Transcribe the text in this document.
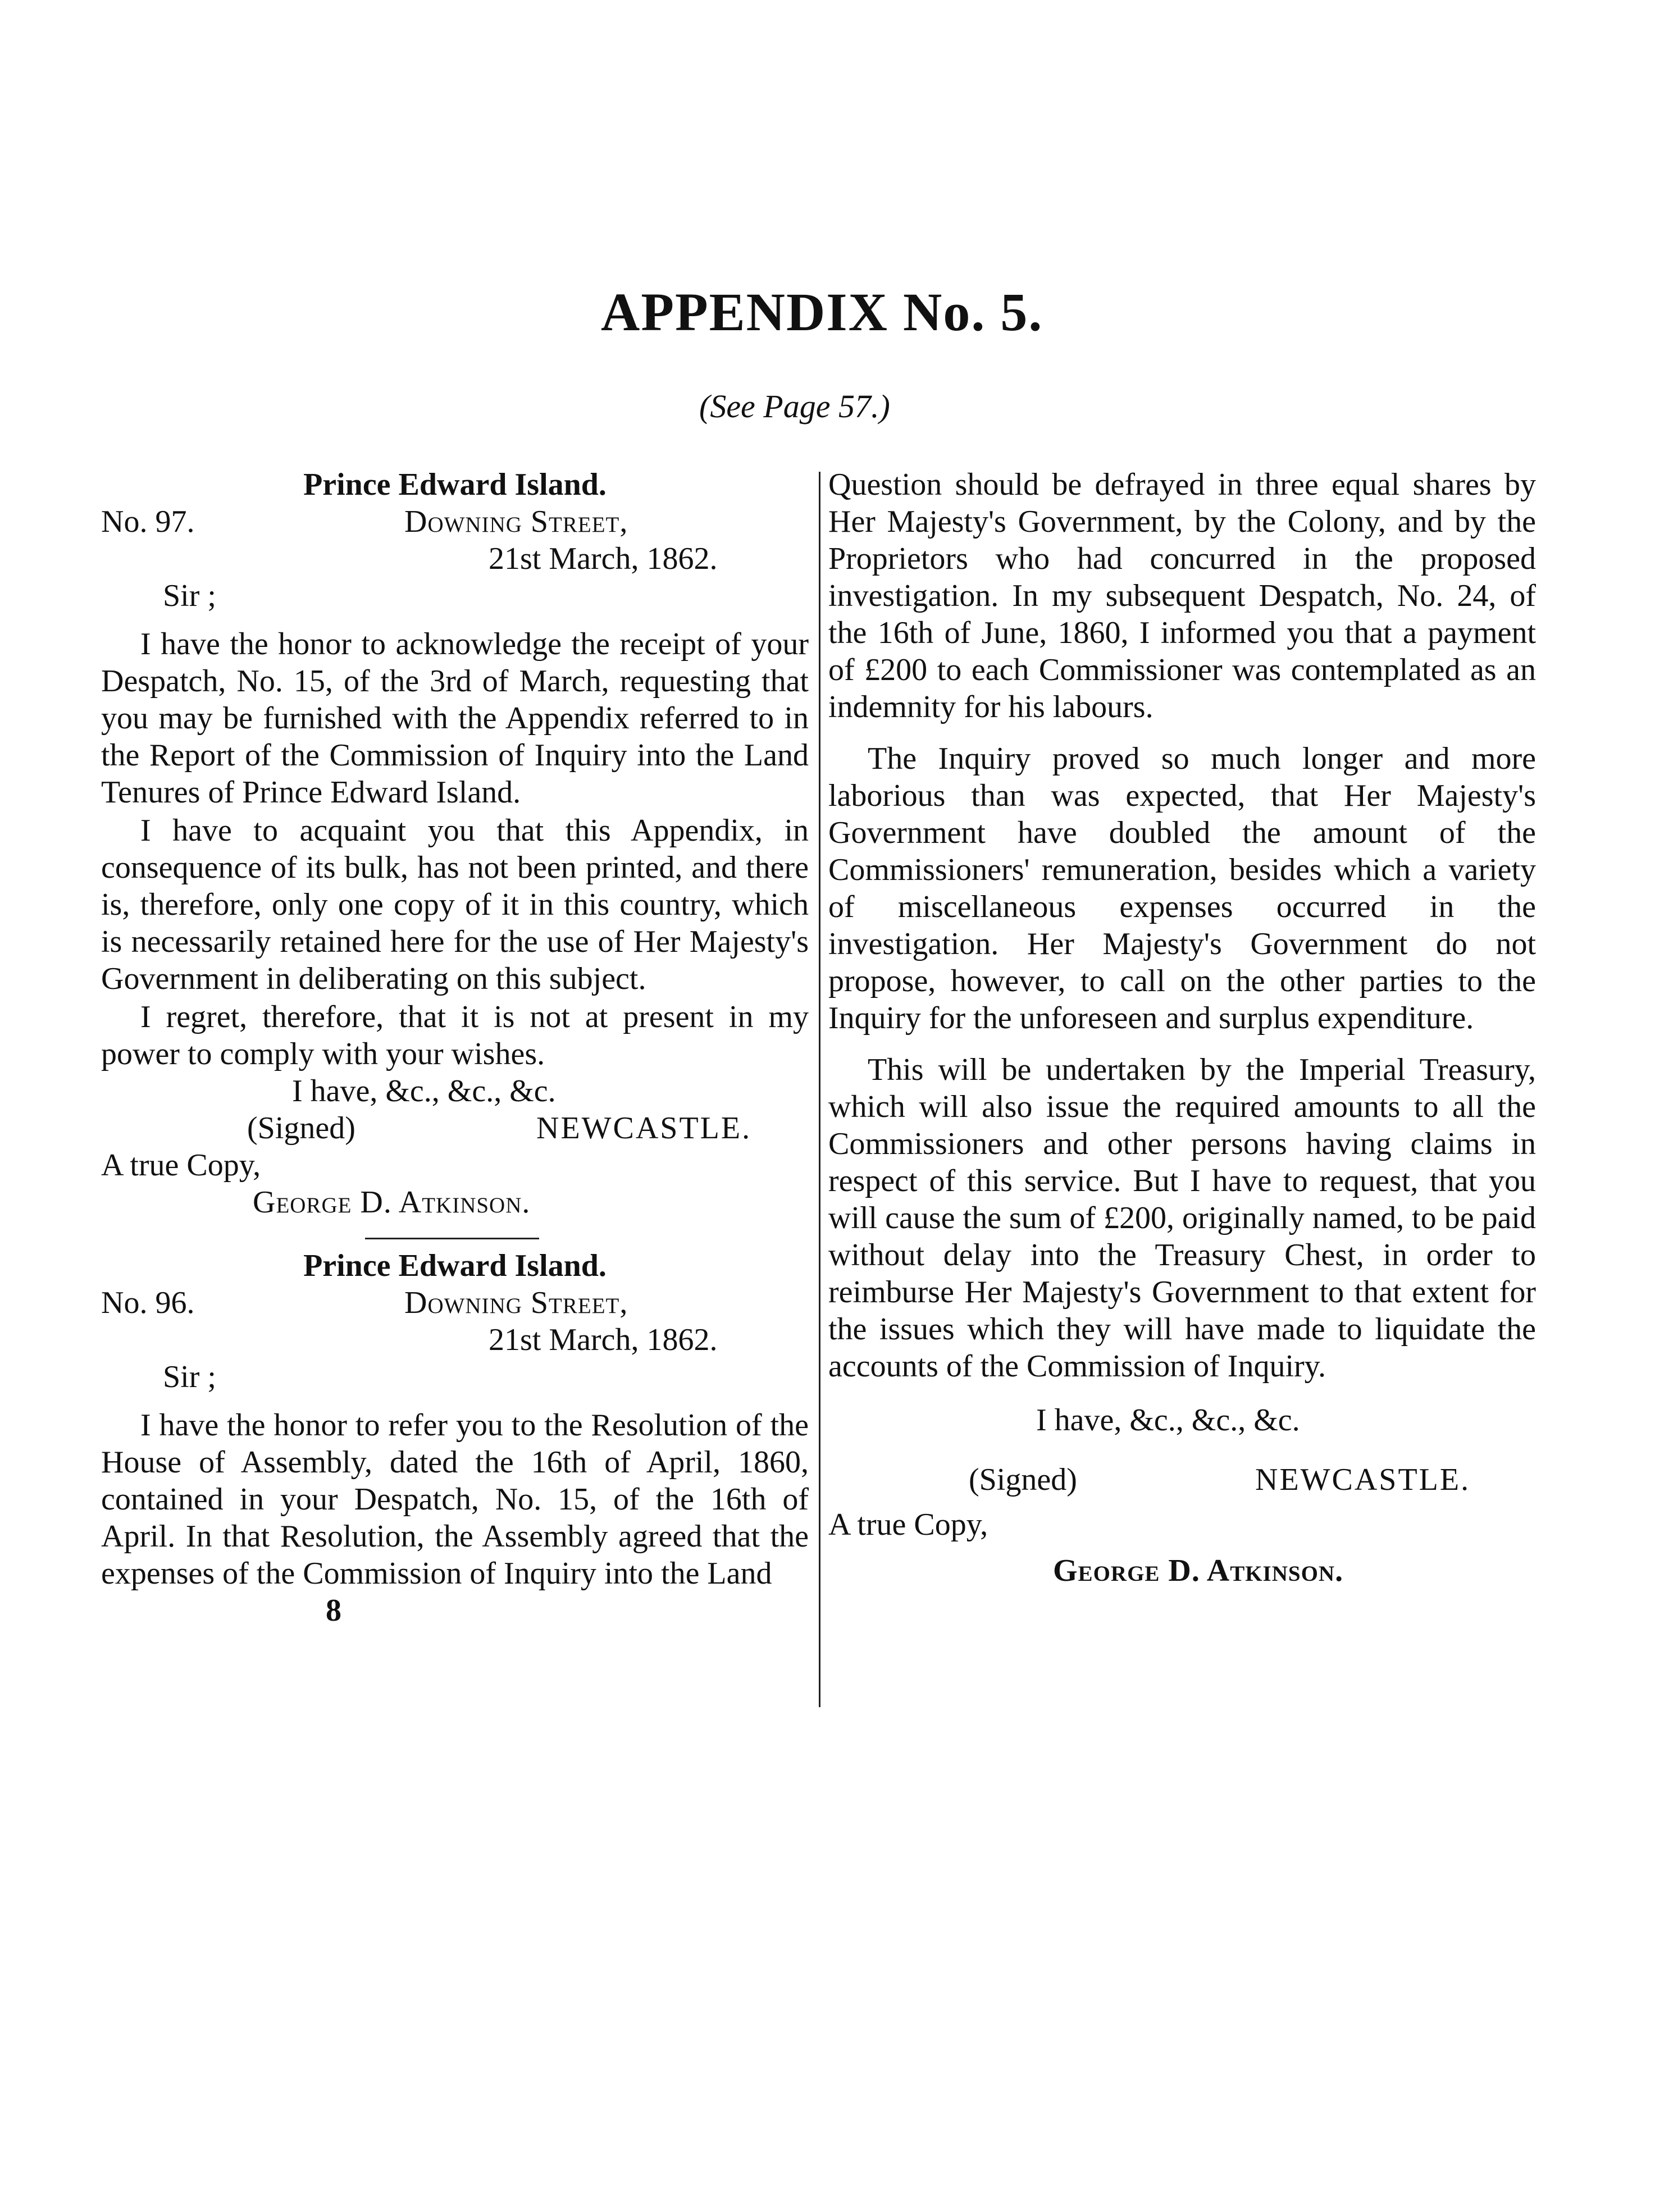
APPENDIX No. 5.
(See Page 57.)
Prince Edward Island.
No. 97.	Downing Street,
21st March, 1862.
Sir ;

I have the honor to acknowledge the receipt of your Despatch, No. 15, of the 3rd of March, requesting that you may be furnished with the Appendix referred to in the Report of the Commission of Inquiry into the Land Tenures of Prince Edward Island.

I have to acquaint you that this Appendix, in consequence of its bulk, has not been printed, and there is, therefore, only one copy of it in this country, which is necessarily retained here for the use of Her Majesty's Government in deliberating on this subject.

I regret, therefore, that it is not at present in my power to comply with your wishes.

I have, &c., &c., &c.
(Signed)	NEWCASTLE.
A true Copy,
George D. Atkinson.
Prince Edward Island.
No. 96.	Downing Street,
21st March, 1862.
Sir ;

I have the honor to refer you to the Resolution of the House of Assembly, dated the 16th of April, 1860, contained in your Despatch, No. 15, of the 16th of April. In that Resolution, the Assembly agreed that the expenses of the Commission of Inquiry into the Land

8

Question should be defrayed in three equal shares by Her Majesty's Government, by the Colony, and by the Proprietors who had concurred in the proposed investigation. In my subsequent Despatch, No. 24, of the 16th of June, 1860, I informed you that a payment of £200 to each Commissioner was contemplated as an indemnity for his labours.

The Inquiry proved so much longer and more laborious than was expected, that Her Majesty's Government have doubled the amount of the Commissioners' remuneration, besides which a variety of miscellaneous expenses occurred in the investigation. Her Majesty's Government do not propose, however, to call on the other parties to the Inquiry for the unforeseen and surplus expenditure.

This will be undertaken by the Imperial Treasury, which will also issue the required amounts to all the Commissioners and other persons having claims in respect of this service. But I have to request, that you will cause the sum of £200, originally named, to be paid without delay into the Treasury Chest, in order to reimburse Her Majesty's Government to that extent for the issues which they will have made to liquidate the accounts of the Commission of Inquiry.

I have, &c., &c., &c.
(Signed)	NEWCASTLE.
A true Copy,
George D. Atkinson.
